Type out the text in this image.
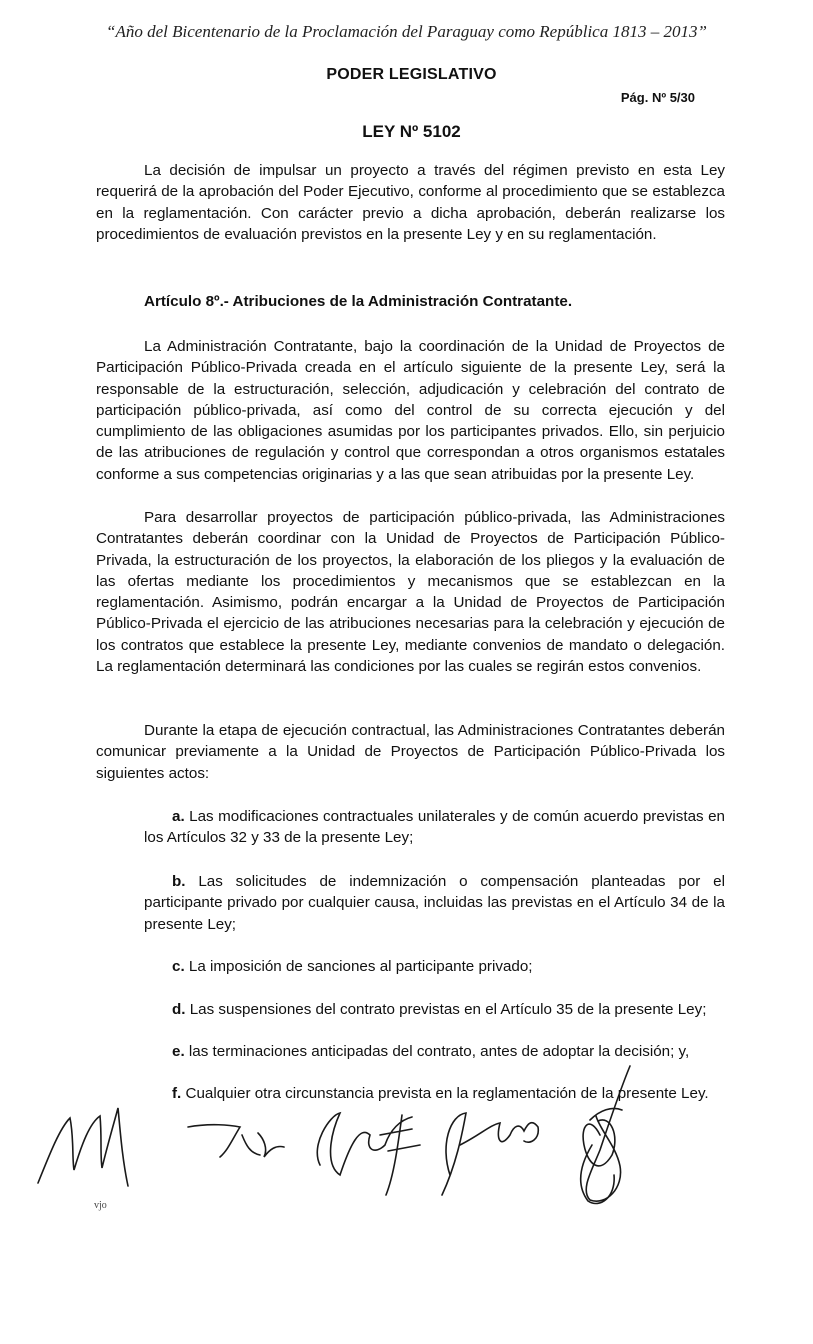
“Año del Bicentenario de la Proclamación del Paraguay como República 1813 – 2013”
PODER LEGISLATIVO
Pág. Nº 5/30
LEY Nº 5102

La decisión de impulsar un proyecto a través del régimen previsto en esta Ley requerirá de la aprobación del Poder Ejecutivo, conforme al procedimiento que se establezca en la reglamentación. Con carácter previo a dicha aprobación, deberán realizarse los procedimientos de evaluación previstos en la presente Ley y en su reglamentación.

Artículo 8º.- Atribuciones de la Administración Contratante.

La Administración Contratante, bajo la coordinación de la Unidad de Proyectos de Participación Público-Privada creada en el artículo siguiente de la presente Ley, será la responsable de la estructuración, selección, adjudicación y celebración del contrato de participación público-privada, así como del control de su correcta ejecución y del cumplimiento de las obligaciones asumidas por los participantes privados. Ello, sin perjuicio de las atribuciones de regulación y control que correspondan a otros organismos estatales conforme a sus competencias originarias y a las que sean atribuidas por la presente Ley.

Para desarrollar proyectos de participación público-privada, las Administraciones Contratantes deberán coordinar con la Unidad de Proyectos de Participación Público-Privada, la estructuración de los proyectos, la elaboración de los pliegos y la evaluación de las ofertas mediante los procedimientos y mecanismos que se establezcan en la reglamentación. Asimismo, podrán encargar a la Unidad de Proyectos de Participación Público-Privada el ejercicio de las atribuciones necesarias para la celebración y ejecución de los contratos que establece la presente Ley, mediante convenios de mandato o delegación. La reglamentación determinará las condiciones por las cuales se regirán estos convenios.

Durante la etapa de ejecución contractual, las Administraciones Contratantes deberán comunicar previamente a la Unidad de Proyectos de Participación Público-Privada los siguientes actos:

a. Las modificaciones contractuales unilaterales y de común acuerdo previstas en los Artículos 32 y 33 de la presente Ley;

b. Las solicitudes de indemnización o compensación planteadas por el participante privado por cualquier causa, incluidas las previstas en el Artículo 34 de la presente Ley;

c. La imposición de sanciones al participante privado;

d. Las suspensiones del contrato previstas en el Artículo 35 de la presente Ley;

e. las terminaciones anticipadas del contrato, antes de adoptar la decisión; y,

f. Cualquier otra circunstancia prevista en la reglamentación de la presente Ley.

vjo
